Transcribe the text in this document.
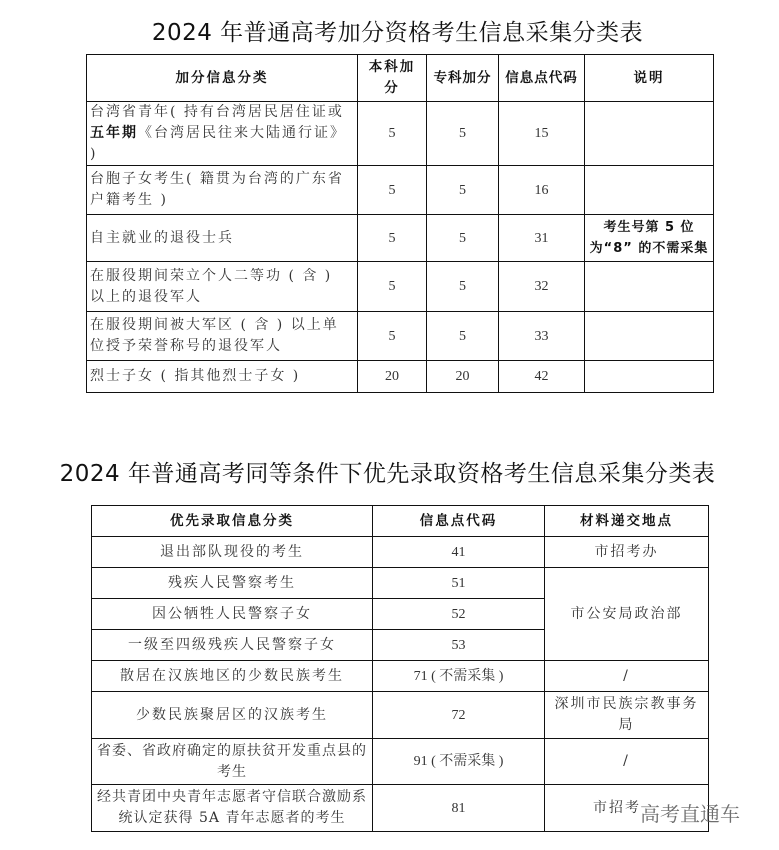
2024 年普通高考加分资格考生信息采集分类表
加分信息分类	本科加分	专科加分	信息点代码	说明
台湾省青年( 持有台湾居民居住证或五年期《台湾居民往来大陆通行证》 )	5	5	15	
台胞子女考生( 籍贯为台湾的广东省户籍考生 )	5	5	16	
自主就业的退役士兵	5	5	31	考生号第 5 位为“8” 的不需采集
在服役期间荣立个人二等功 ( 含 ) 以上的退役军人	5	5	32	
在服役期间被大军区 ( 含 ) 以上单位授予荣誉称号的退役军人	5	5	33	
烈士子女 ( 指其他烈士子女 )	20	20	42	
2024 年普通高考同等条件下优先录取资格考生信息采集分类表
优先录取信息分类	信息点代码	材料递交地点
退出部队现役的考生	41	市招考办
残疾人民警察考生	51	市公安局政治部
因公牺牲人民警察子女	52	
一级至四级残疾人民警察子女	53	
散居在汉族地区的少数民族考生	71 ( 不需采集 )	/
少数民族聚居区的汉族考生	72	深圳市民族宗教事务局
省委、省政府确定的原扶贫开发重点县的考生	91 ( 不需采集 )	/
经共青团中央青年志愿者守信联合激励系统认定获得 5A 青年志愿者的考生	81	市招考 高考直通车
